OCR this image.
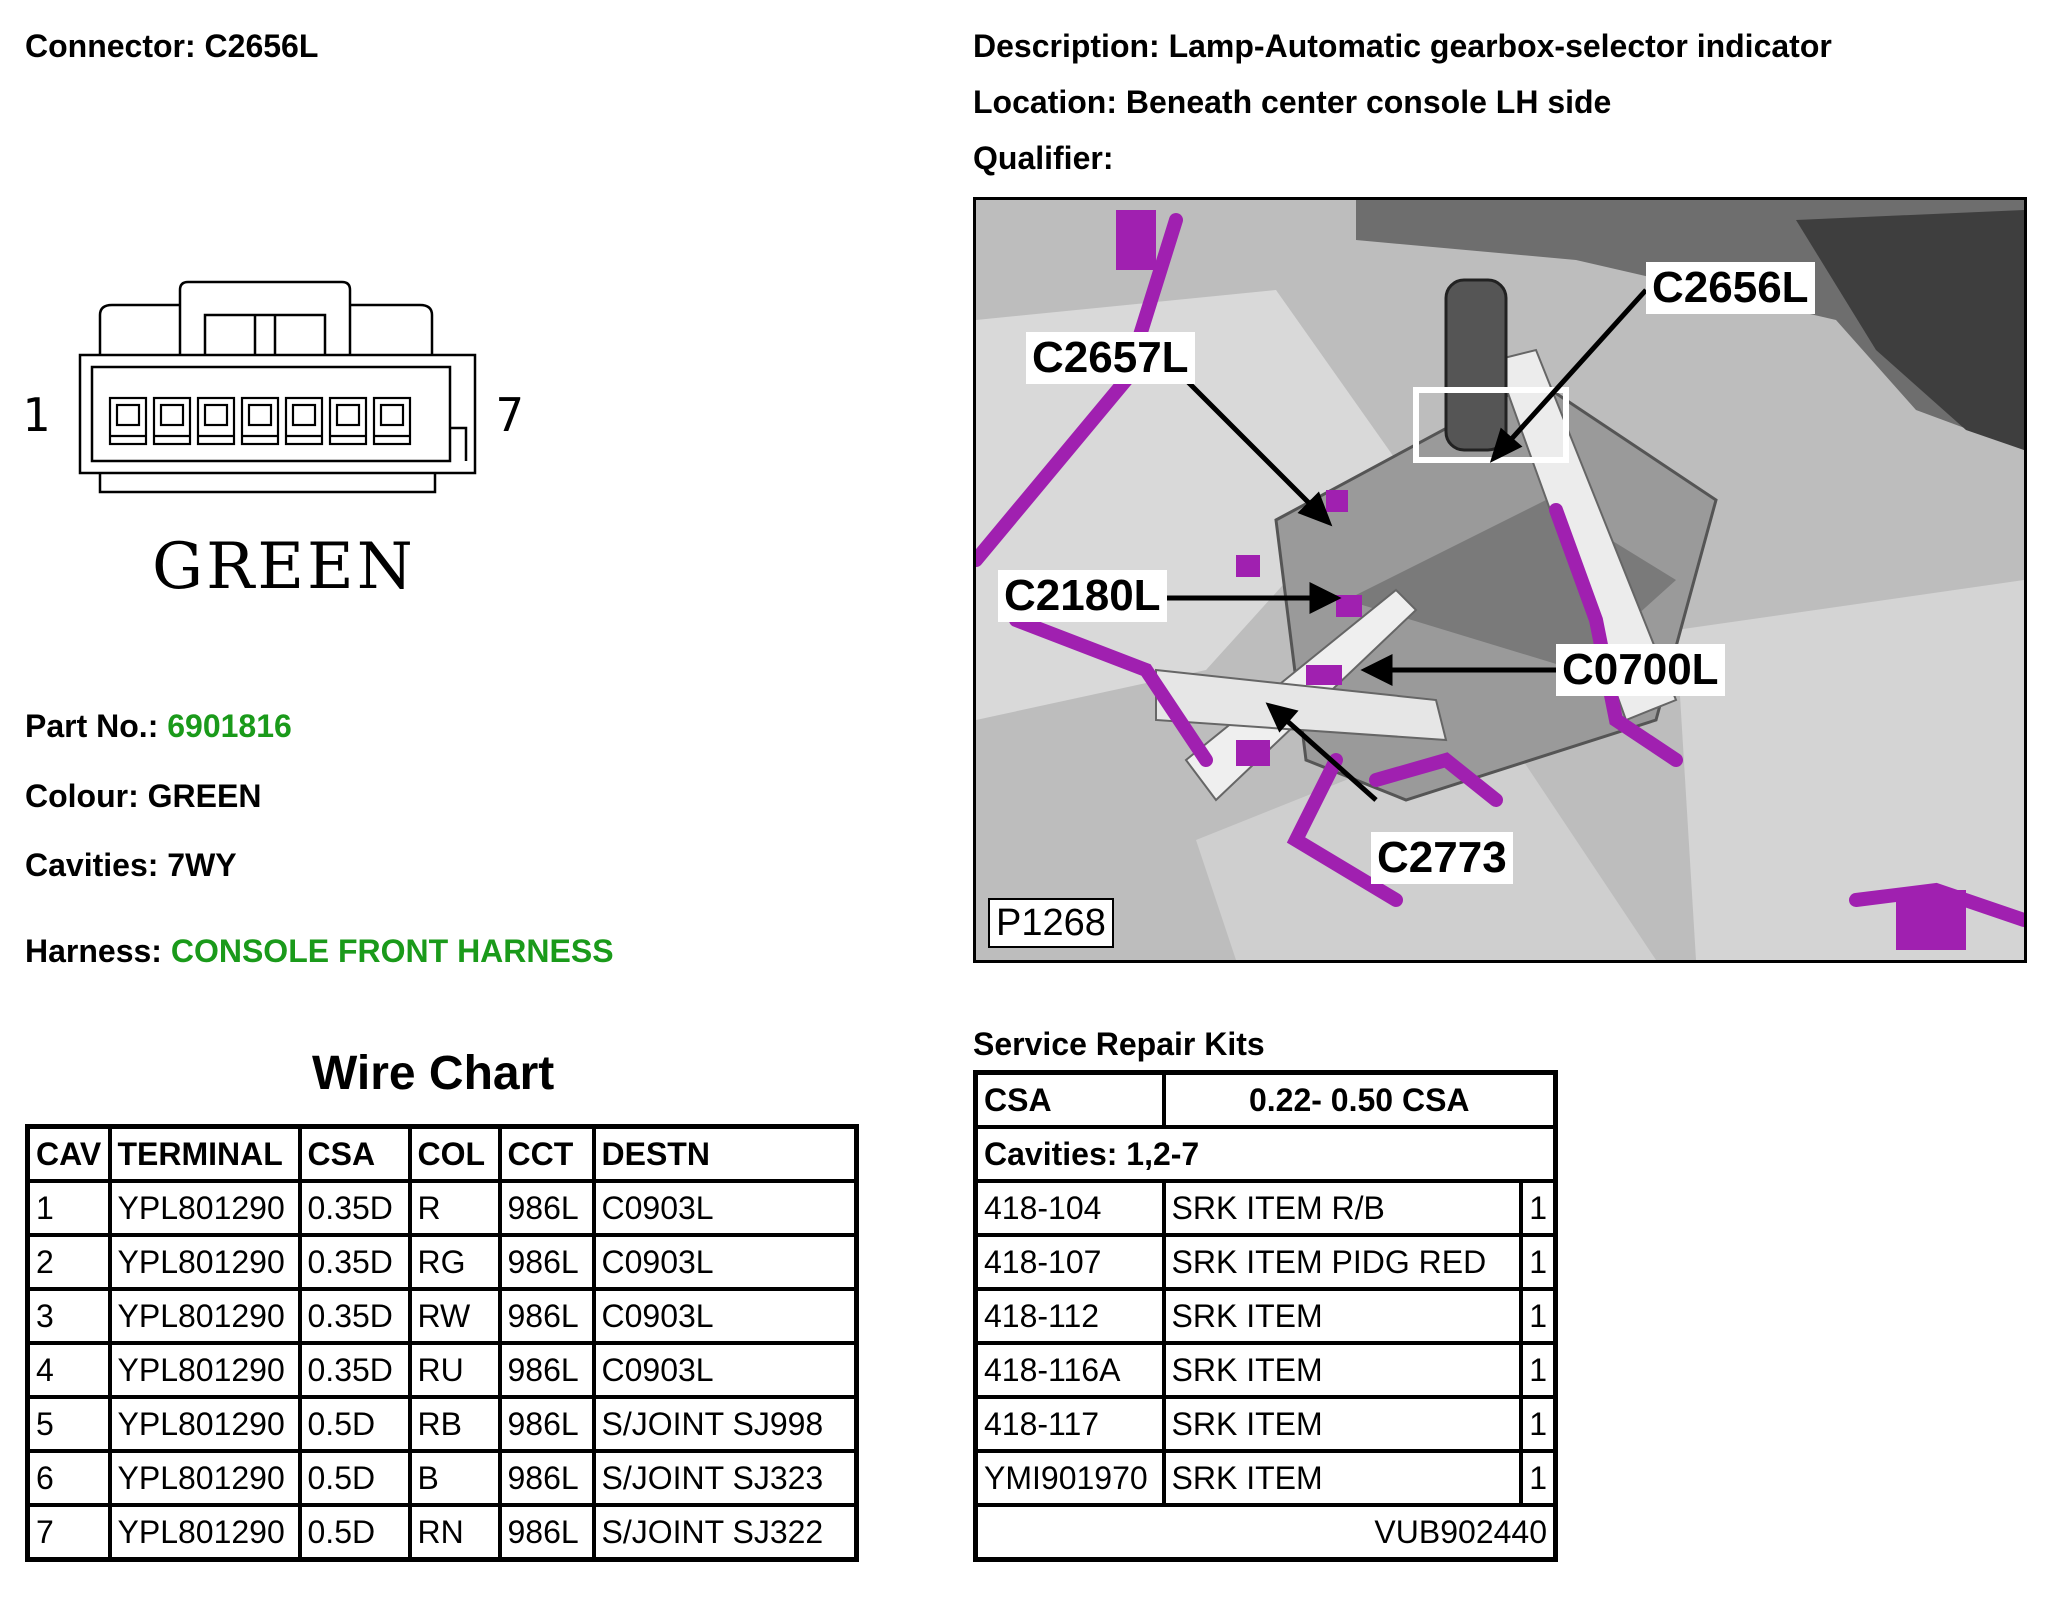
Connector: C2656L	Description: Lamp-Automatic gearbox-selector indicator
Location: Beneath center console LH side
Qualifier:
1	7
GREEN
Part No.: 6901816
Colour: GREEN
Cavities: 7WY
Harness: CONSOLE FRONT HARNESS
C2656L
C2657L
C2180L
C0700L
C2773
P1268
Wire Chart
CAV	TERMINAL	CSA	COL	CCT	DESTN
1	YPL801290	0.35D	R	986L	C0903L
2	YPL801290	0.35D	RG	986L	C0903L
3	YPL801290	0.35D	RW	986L	C0903L
4	YPL801290	0.35D	RU	986L	C0903L
5	YPL801290	0.5D	RB	986L	S/JOINT SJ998
6	YPL801290	0.5D	B	986L	S/JOINT SJ323
7	YPL801290	0.5D	RN	986L	S/JOINT SJ322
Service Repair Kits
CSA	0.22- 0.50 CSA	
Cavities: 1,2-7		
418-104	SRK ITEM R/B	1
418-107	SRK ITEM PIDG RED	1
418-112	SRK ITEM	1
418-116A	SRK ITEM	1
418-117	SRK ITEM	1
YMI901970	SRK ITEM	1
VUB902440		
